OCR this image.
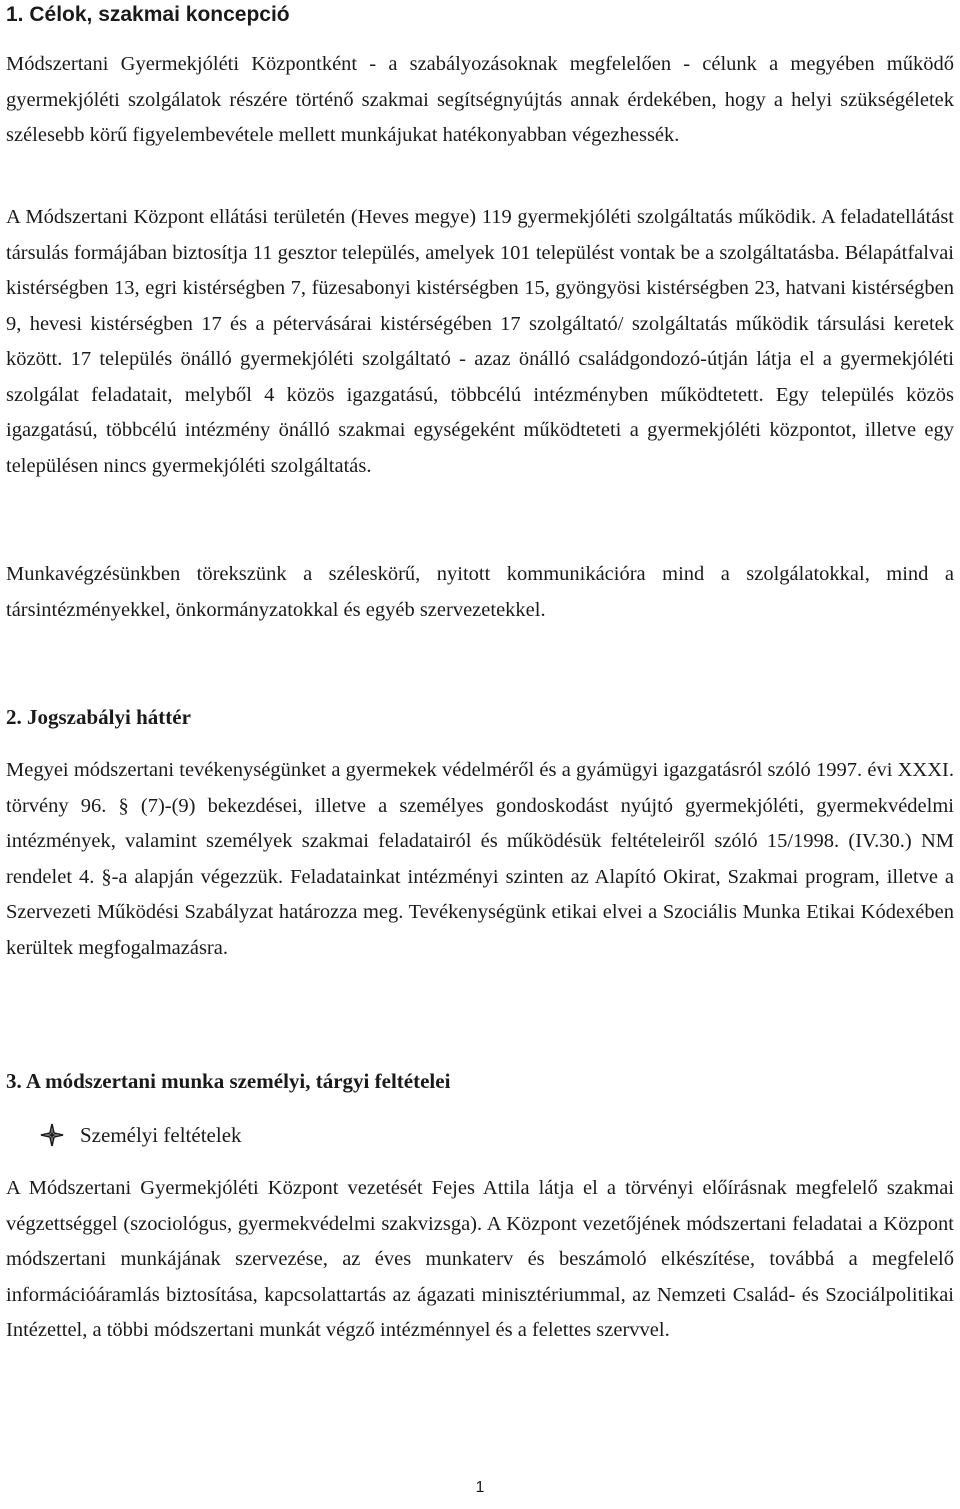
1. Célok, szakmai koncepció

Módszertani Gyermekjóléti Központként - a szabályozásoknak megfelelően - célunk a megyében működő gyermekjóléti szolgálatok részére történő szakmai segítségnyújtás annak érdekében, hogy a helyi szükségéletek szélesebb körű figyelembevétele mellett munkájukat hatékonyabban végezhessék.

A Módszertani Központ ellátási területén (Heves megye) 119 gyermekjóléti szolgáltatás működik. A feladatellátást társulás formájában biztosítja 11 gesztor település, amelyek 101 települést vontak be a szolgáltatásba. Bélapátfalvai kistérségben 13, egri kistérségben 7, füzesabonyi kistérségben 15, gyöngyösi kistérségben 23, hatvani kistérségben 9, hevesi kistérségben 17 és a pétervásárai kistérségében 17 szolgáltató/ szolgáltatás működik társulási keretek között. 17 település önálló gyermekjóléti szolgáltató - azaz önálló családgondozó-útján látja el a gyermekjóléti szolgálat feladatait, melyből 4 közös igazgatású, többcélú intézményben működtetett. Egy település közös igazgatású, többcélú intézmény önálló szakmai egységeként működteteti a gyermekjóléti központot, illetve egy településen nincs gyermekjóléti szolgáltatás.

Munkavégzésünkben törekszünk a széleskörű, nyitott kommunikációra mind a szolgálatokkal, mind a társintézményekkel, önkormányzatokkal és egyéb szervezetekkel.

2. Jogszabályi háttér

Megyei módszertani tevékenységünket a gyermekek védelméről és a gyámügyi igazgatásról szóló 1997. évi XXXI. törvény 96. § (7)-(9) bekezdései, illetve a személyes gondoskodást nyújtó gyermekjóléti, gyermekvédelmi intézmények, valamint személyek szakmai feladatairól és működésük feltételeiről szóló 15/1998. (IV.30.) NM rendelet 4. §-a alapján végezzük. Feladatainkat intézményi szinten az Alapító Okirat, Szakmai program, illetve a Szervezeti Működési Szabályzat határozza meg. Tevékenységünk etikai elvei a Szociális Munka Etikai Kódexében kerültek megfogalmazásra.

3. A módszertani munka személyi, tárgyi feltételei
Személyi feltételek

A Módszertani Gyermekjóléti Központ vezetését Fejes Attila látja el a törvényi előírásnak megfelelő szakmai végzettséggel (szociológus, gyermekvédelmi szakvizsga). A Központ vezetőjének módszertani feladatai a Központ módszertani munkájának szervezése, az éves munkaterv és beszámoló elkészítése, továbbá a megfelelő információáramlás biztosítása, kapcsolattartás az ágazati minisztériummal, az Nemzeti Család- és Szociálpolitikai Intézettel, a többi módszertani munkát végző intézménnyel és a felettes szervvel.

1
